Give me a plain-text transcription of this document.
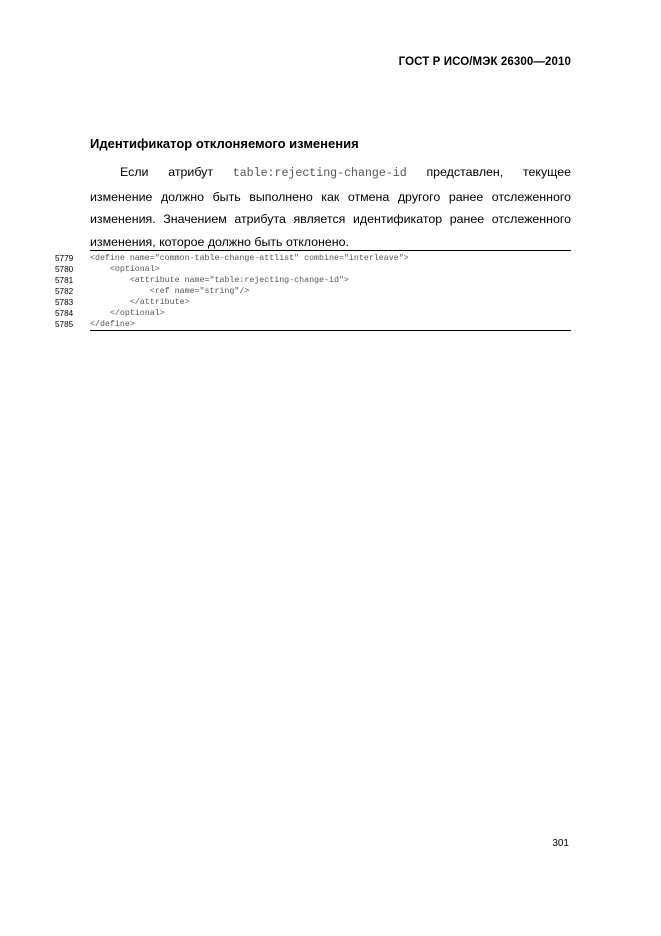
ГОСТ Р ИСО/МЭК 26300—2010
Идентификатор отклоняемого изменения

Если атрибут table:rejecting-change-id представлен, текущее изменение должно быть выполнено как отмена другого ранее отслеженного изменения. Значением атрибута является идентификатор ранее отслеженного изменения, которое должно быть отклонено.

5779	<define name="common-table-change-attlist" combine="interleave">
5780	<optional>
5781	<attribute name="table:rejecting-change-id">
5782	<ref name="string"/>
5783	</attribute>
5784	</optional>
5785	</define>
301
